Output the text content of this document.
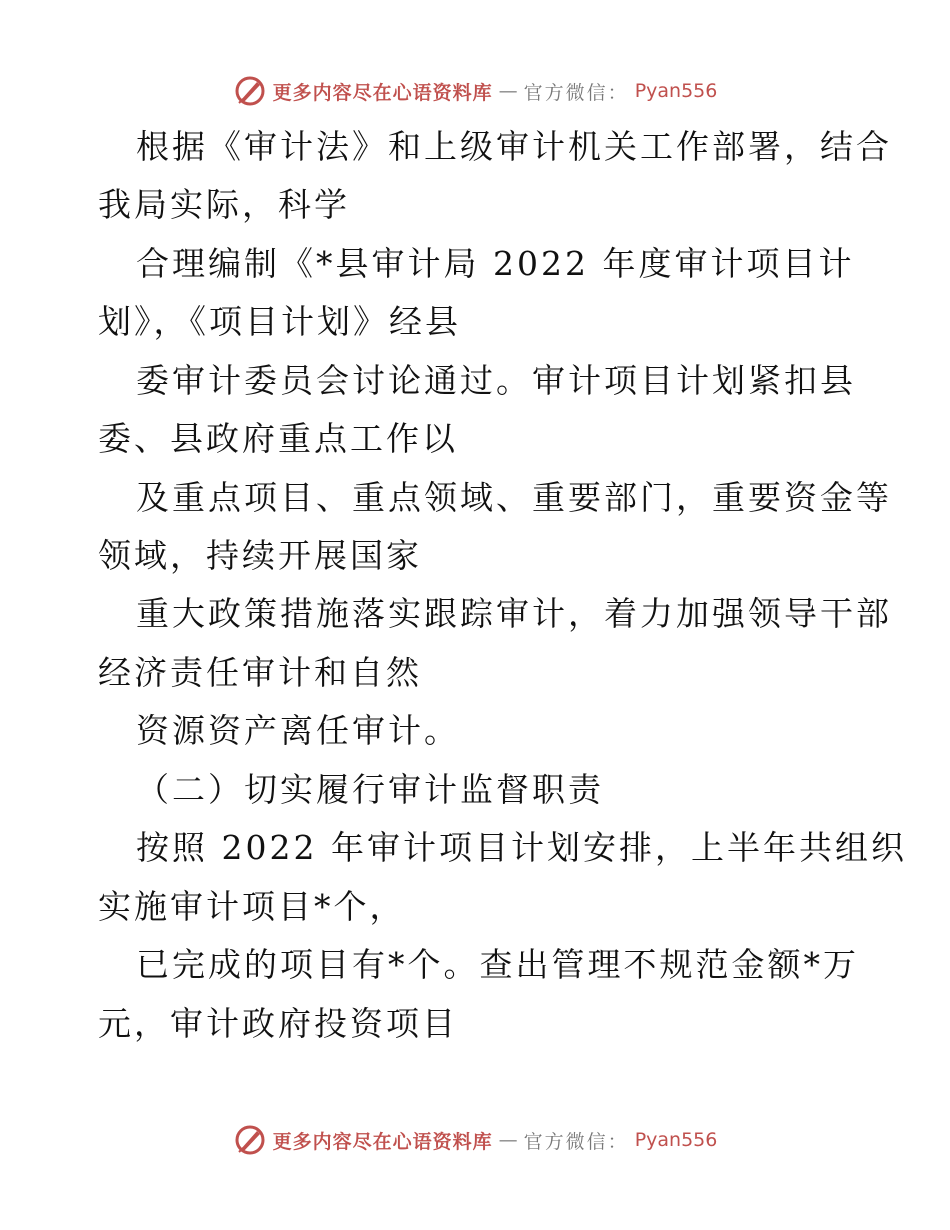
更多内容尽在心语资料库 — 官方微信： Pyan556
根据《审计法》和上级审计机关工作部署，结合
我局实际，科学
合理编制《*县审计局 2022 年度审计项目计
划》，《项目计划》经县
委审计委员会讨论通过。审计项目计划紧扣县
委、县政府重点工作以
及重点项目、重点领域、重要部门，重要资金等
领域，持续开展国家
重大政策措施落实跟踪审计，着力加强领导干部
经济责任审计和自然
资源资产离任审计。
（二）切实履行审计监督职责
按照 2022 年审计项目计划安排，上半年共组织
实施审计项目*个，
已完成的项目有*个。查出管理不规范金额*万
元，审计政府投资项目
更多内容尽在心语资料库 — 官方微信： Pyan556
